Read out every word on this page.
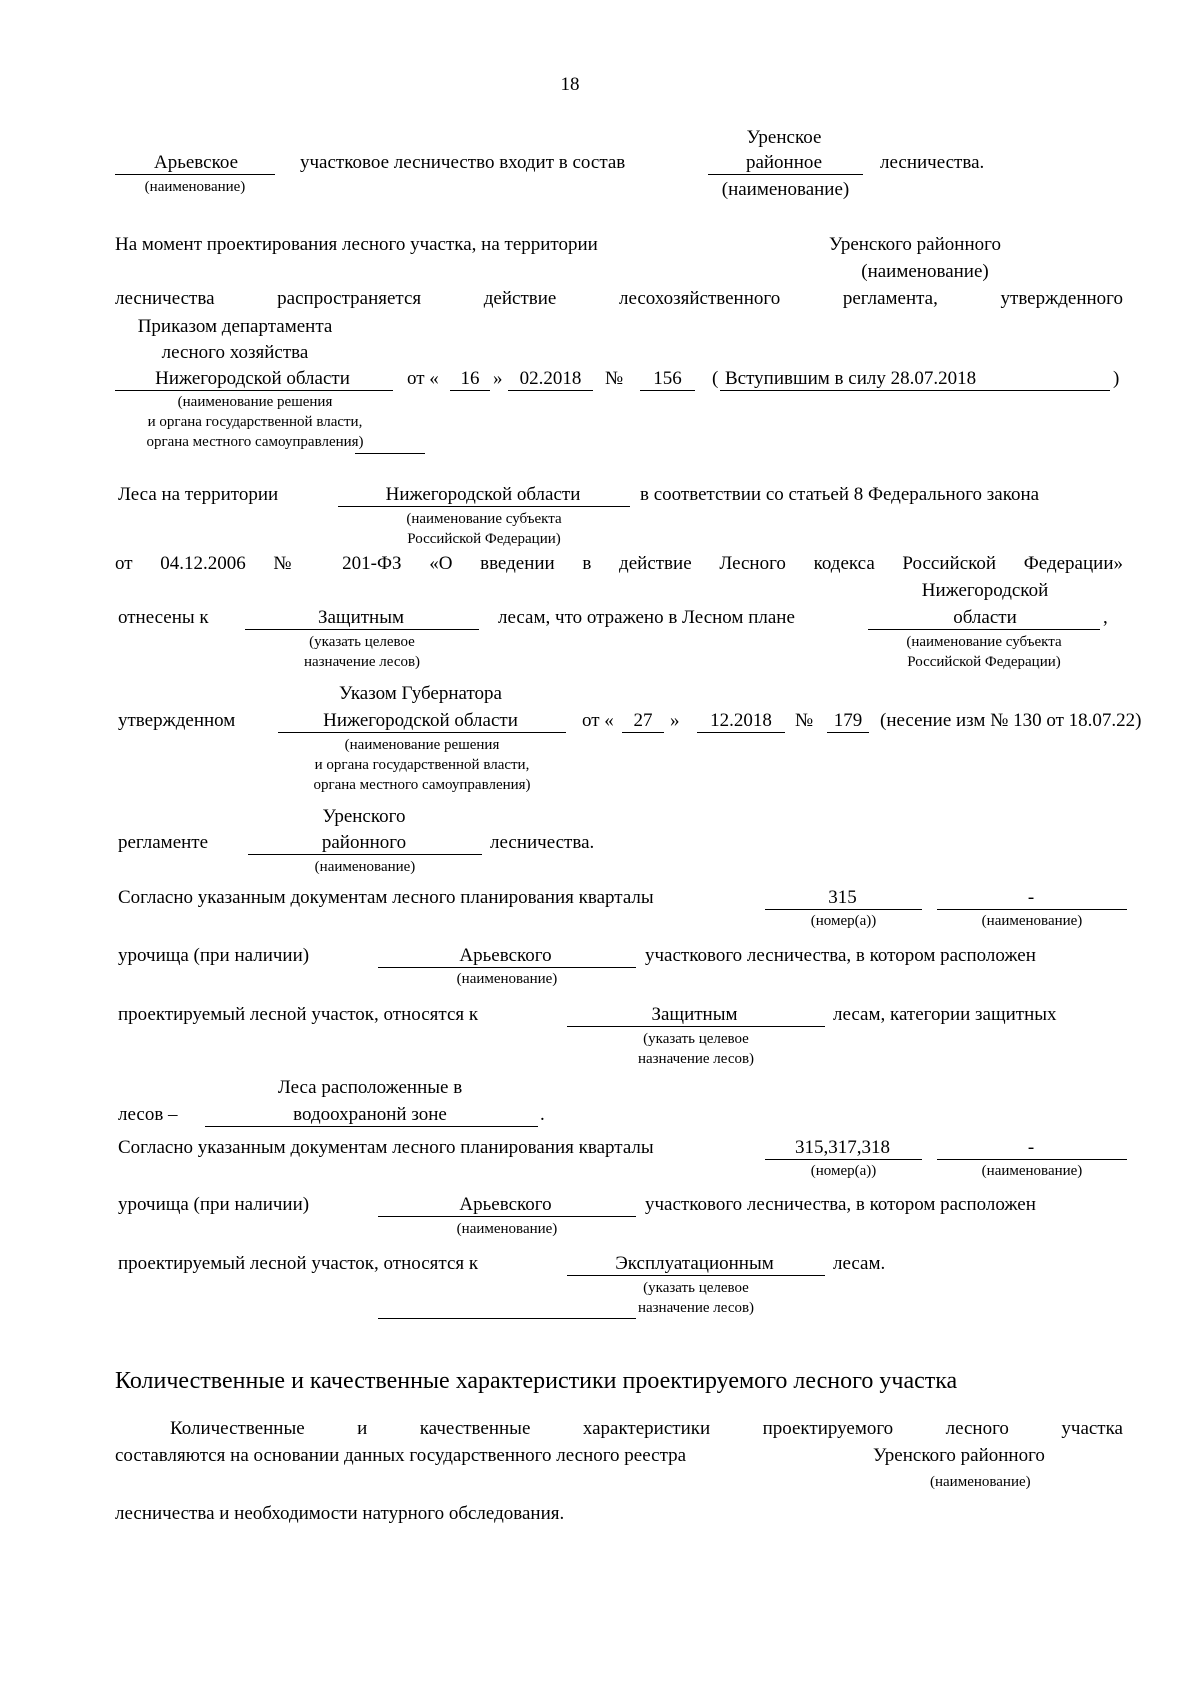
18
Арьевское
(наименование)
участковое лесничество входит в состав
Уренское
районное
(наименование)
лесничества.
На момент проектирования лесного участка, на территории	Уренского районного
(наименование)
лесничества распространяется действие лесохозяйственного регламента, утвержденного
Приказом департамента
лесного хозяйства
Нижегородской области	от «	16 » 02.2018	№	156	( Вступившим в силу 28.07.2018	)
(наименование решения
и органа государственной власти,
органа местного самоуправления)
Леса на территории	Нижегородской области	в соответствии со статьей 8 Федерального закона
(наименование субъекта
Российской Федерации)
от 04.12.2006 № 201-ФЗ «О введении в действие Лесного кодекса Российской Федерации»
отнесены к	Защитным
(указать целевое
назначение лесов)
лесам, что отражено в Лесном плане
Нижегородской
области	,
(наименование субъекта
Российской Федерации)
Указом Губернатора
утвержденном	Нижегородской области	от «	27 »	12.2018	№	179 (несение изм № 130 от 18.07.22)
(наименование решения
и органа государственной власти,
органа местного самоуправления)
Уренского
регламенте	районного
(наименование)
лесничества.
Согласно указанным документам лесного планирования кварталы	315
(номер(а))
-
(наименование)
урочища (при наличии)	Арьевского
(наименование)
участкового лесничества, в котором расположен
проектируемый лесной участок, относятся к	Защитным
(указать целевое
назначение лесов)
лесам, категории защитных
Леса расположенные в
лесов –	водоохранонй зоне	.
Согласно указанным документам лесного планирования кварталы	315,317,318
(номер(а))
-
(наименование)
урочища (при наличии)	Арьевского
(наименование)
участкового лесничества, в котором расположен
проектируемый лесной участок, относятся к	Эксплуатационным
(указать целевое
назначение лесов)
лесам.
Количественные и качественные характеристики проектируемого лесного участка
Количественные и качественные характеристики проектируемого лесного участка
составляются на основании данных государственного лесного реестра	Уренского районного
(наименование)
лесничества и необходимости натурного обследования.
